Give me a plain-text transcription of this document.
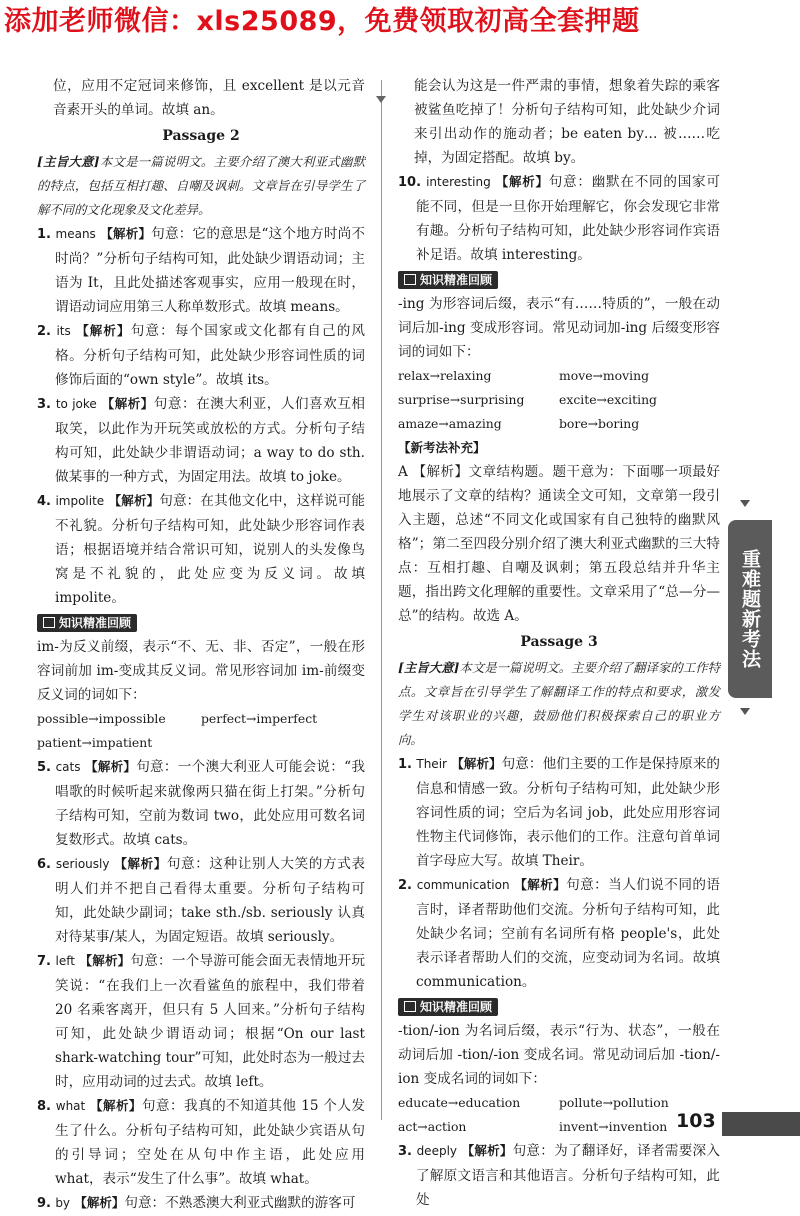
添加老师微信：xls25089，免费领取初高全套押题

位，应用不定冠词来修饰，且 excellent 是以元音音素开头的单词。故填 an。

Passage 2

[主旨大意]本文是一篇说明文。主要介绍了澳大利亚式幽默的特点，包括互相打趣、自嘲及讽刺。文章旨在引导学生了解不同的文化现象及文化差异。

1. means 【解析】句意：它的意思是“这个地方时尚不时尚？”分析句子结构可知，此处缺少谓语动词；主语为 It，且此处描述客观事实，应用一般现在时，谓语动词应用第三人称单数形式。故填 means。

2. its 【解析】句意：每个国家或文化都有自己的风格。分析句子结构可知，此处缺少形容词性质的词修饰后面的“own style”。故填 its。

3. to joke 【解析】句意：在澳大利亚，人们喜欢互相取笑，以此作为开玩笑或放松的方式。分析句子结构可知，此处缺少非谓语动词；a way to do sth. 做某事的一种方式，为固定用法。故填 to joke。

4. impolite 【解析】句意：在其他文化中，这样说可能不礼貌。分析句子结构可知，此处缺少形容词作表语；根据语境并结合常识可知，说别人的头发像鸟窝是不礼貌的，此处应变为反义词。故填 impolite。

知识精准回顾

im-为反义前缀，表示“不、无、非、否定”，一般在形容词前加 im-变成其反义词。常见形容词加 im-前缀变反义词的词如下：

possible→impossible	perfect→imperfect
patient→impatient

5. cats 【解析】句意：一个澳大利亚人可能会说：“我唱歌的时候听起来就像两只猫在街上打架。”分析句子结构可知，空前为数词 two，此处应用可数名词复数形式。故填 cats。

6. seriously 【解析】句意：这种让别人大笑的方式表明人们并不把自己看得太重要。分析句子结构可知，此处缺少副词；take sth./sb. seriously 认真对待某事/某人，为固定短语。故填 seriously。

7. left 【解析】句意：一个导游可能会面无表情地开玩笑说：“在我们上一次看鲨鱼的旅程中，我们带着 20 名乘客离开，但只有 5 人回来。”分析句子结构可知，此处缺少谓语动词；根据“On our last shark-watching tour”可知，此处时态为一般过去时，应用动词的过去式。故填 left。

8. what 【解析】句意：我真的不知道其他 15 个人发生了什么。分析句子结构可知，此处缺少宾语从句的引导词；空处在从句中作主语，此处应用 what，表示“发生了什么事”。故填 what。

9. by 【解析】句意：不熟悉澳大利亚式幽默的游客可

能会认为这是一件严肃的事情，想象着失踪的乘客被鲨鱼吃掉了！分析句子结构可知，此处缺少介词来引出动作的施动者；be eaten by… 被……吃掉，为固定搭配。故填 by。

10. interesting 【解析】句意：幽默在不同的国家可能不同，但是一旦你开始理解它，你会发现它非常有趣。分析句子结构可知，此处缺少形容词作宾语补足语。故填 interesting。

知识精准回顾

-ing 为形容词后缀，表示“有……特质的”，一般在动词后加-ing 变成形容词。常见动词加-ing 后缀变形容词的词如下：

relax→relaxing	move→moving
surprise→surprising	excite→exciting
amaze→amazing	bore→boring
【新考法补充】

A 【解析】文章结构题。题干意为：下面哪一项最好地展示了文章的结构？通读全文可知，文章第一段引入主题，总述“不同文化或国家有自己独特的幽默风格”；第二至四段分别介绍了澳大利亚式幽默的三大特点：互相打趣、自嘲及讽刺；第五段总结并升华主题，指出跨文化理解的重要性。文章采用了“总—分—总”的结构。故选 A。

Passage 3

[主旨大意]本文是一篇说明文。主要介绍了翻译家的工作特点。文章旨在引导学生了解翻译工作的特点和要求，激发学生对该职业的兴趣，鼓励他们积极探索自己的职业方向。

1. Their 【解析】句意：他们主要的工作是保持原来的信息和情感一致。分析句子结构可知，此处缺少形容词性质的词；空后为名词 job，此处应用形容词性物主代词修饰，表示他们的工作。注意句首单词首字母应大写。故填 Their。

2. communication 【解析】句意：当人们说不同的语言时，译者帮助他们交流。分析句子结构可知，此处缺少名词；空前有名词所有格 people's，此处表示译者帮助人们的交流，应变动词为名词。故填 communication。

知识精准回顾

-tion/-ion 为名词后缀，表示“行为、状态”，一般在动词后加 -tion/-ion 变成名词。常见动词后加 -tion/-ion 变成名词的词如下：

educate→education	pollute→pollution
act→action	invent→invention

3. deeply 【解析】句意：为了翻译好，译者需要深入了解原文语言和其他语言。分析句子结构可知，此处

重难题新考法
103
